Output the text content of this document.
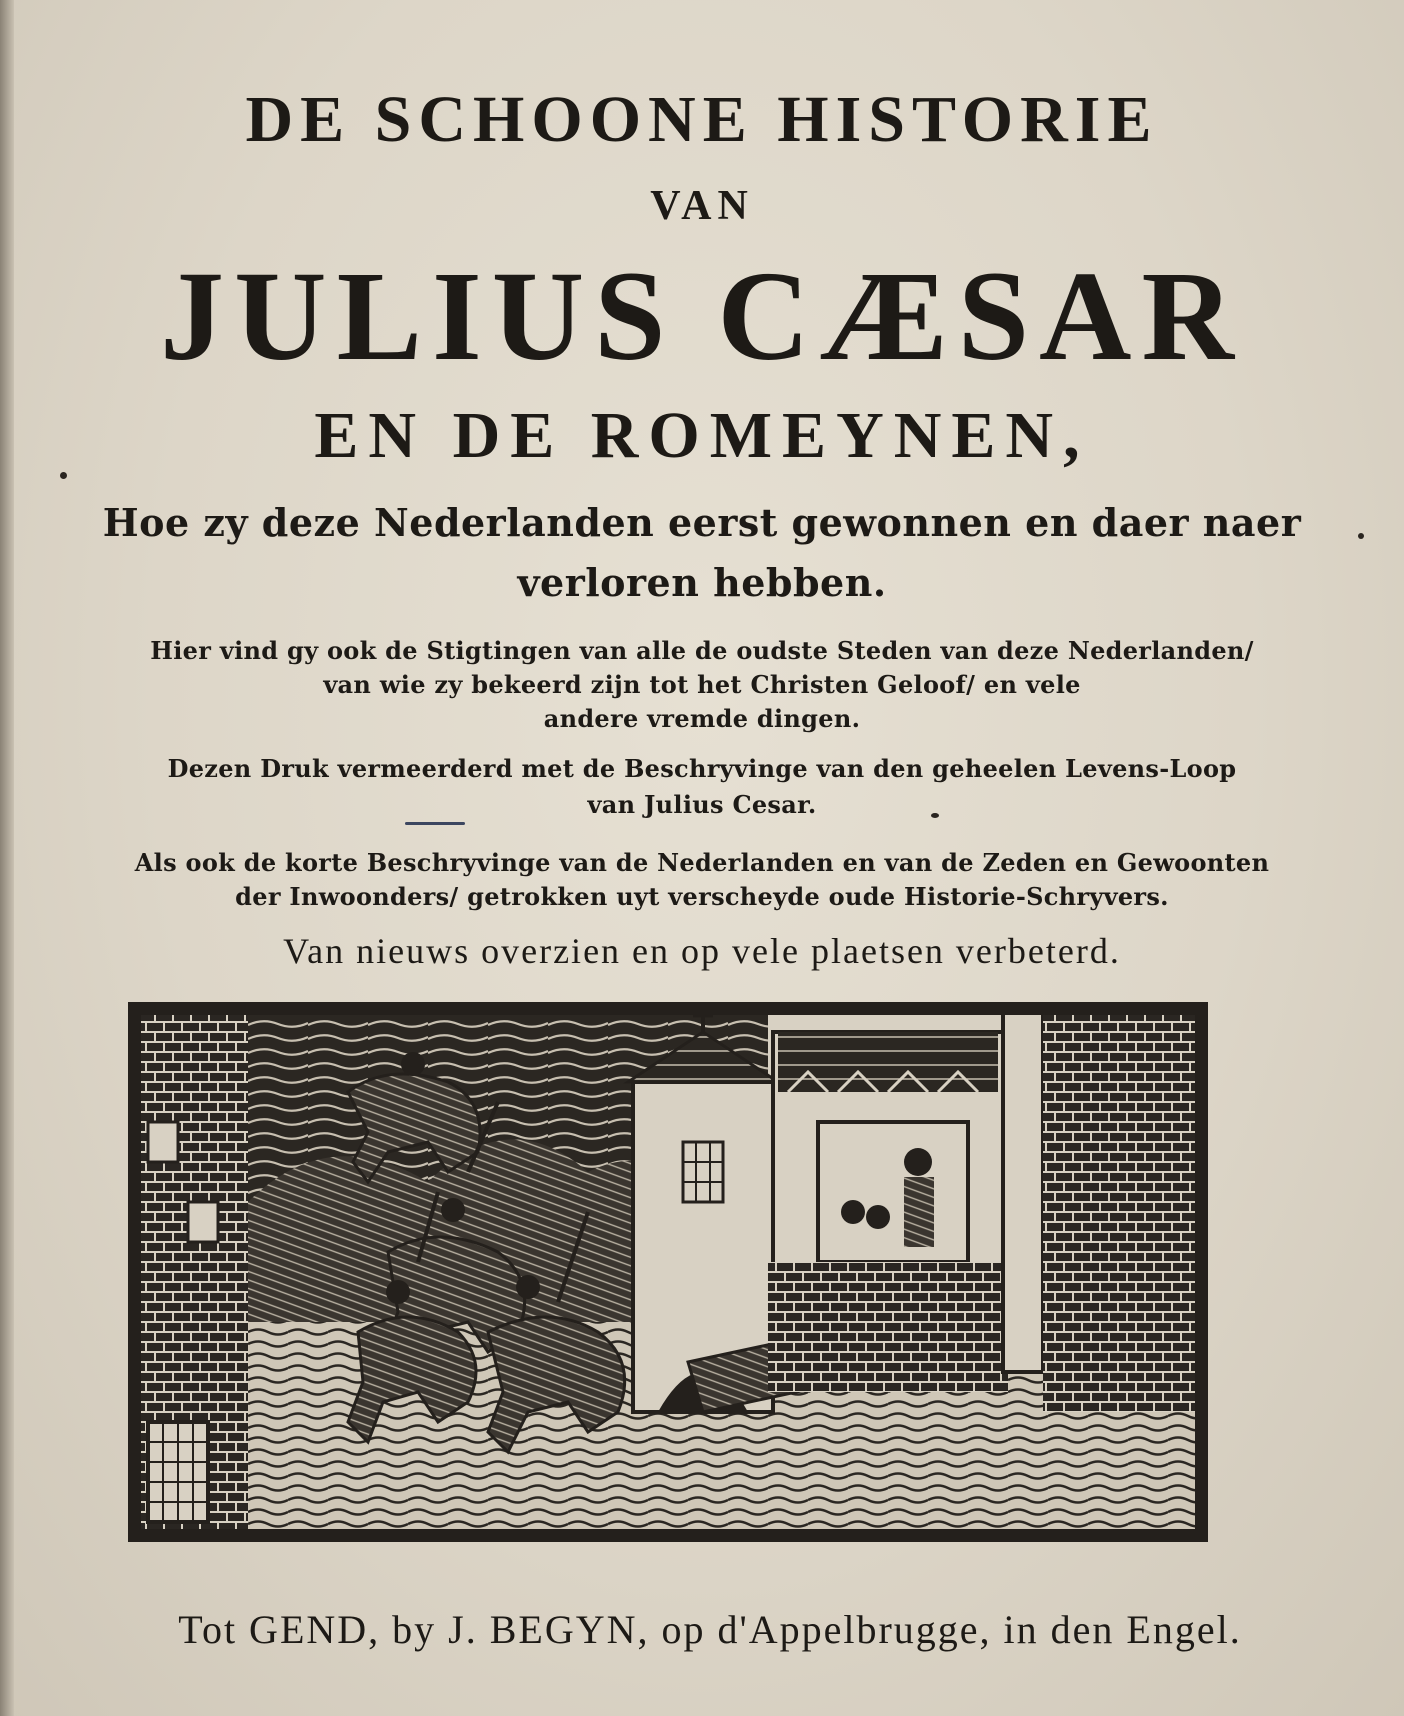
DE SCHOONE HISTORIE

VAN

JULIUS CÆSAR

EN DE ROMEYNEN,

Hoe zy deze Nederlanden eerst gewonnen en daer naer

verloren hebben.

Hier vind gy ook de Stigtingen van alle de oudste Steden van deze Nederlanden/

van wie zy bekeerd zijn tot het Christen Geloof/ en vele

andere vremde dingen.

Dezen Druk vermeerderd met de Beschryvinge van den geheelen Levens-Loop

van Julius Cesar.

Als ook de korte Beschryvinge van de Nederlanden en van de Zeden en Gewoonten

der Inwoonders/ getrokken uyt verscheyde oude Historie-Schryvers.

Van nieuws overzien en op vele plaetsen verbeterd.

Tot GEND, by J. BEGYN, op d'Appelbrugge, in den Engel.
